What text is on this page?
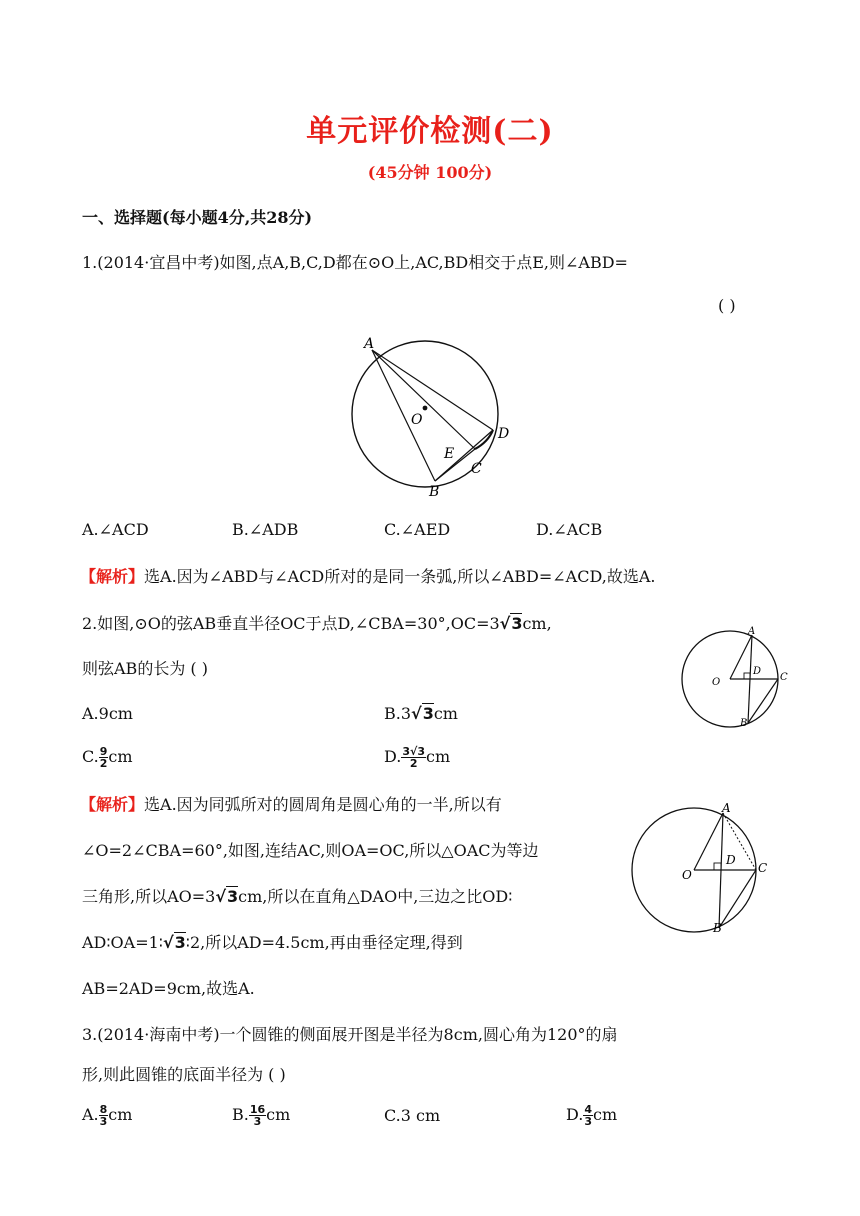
单元评价检测(二)
(45分钟 100分)
一、选择题(每小题4分,共28分)
1.(2014·宜昌中考)如图,点A,B,C,D都在⊙O上,AC,BD相交于点E,则∠ABD=
( )
A
O
D
E
C
B
A.∠ACD	B.∠ADB	C.∠AED	D.∠ACB
【解析】选A.因为∠ABD与∠ACD所对的是同一条弧,所以∠ABD=∠ACD,故选A.
2.如图,⊙O的弦AB垂直半径OC于点D,∠CBA=30°,OC=3√3cm,
则弦AB的长为 ( )
A
D
O	C
B
A.9cm	B.3√3cm
C. $\frac{9}{2}$ cm	D. $\frac{3√3}{2}$ cm
【解析】选A.因为同弧所对的圆周角是圆心角的一半,所以有
∠O=2∠CBA=60°,如图,连结AC,则OA=OC,所以△OAC为等边
三角形,所以AO=3√3cm,所以在直角△DAO中,三边之比OD∶
AD∶OA=1∶√3∶2,所以AD=4.5cm,再由垂径定理,得到
AB=2AD=9cm,故选A.
A
D
O	C
B
3.(2014·海南中考)一个圆锥的侧面展开图是半径为8cm,圆心角为120°的扇
形,则此圆锥的底面半径为 ( )
A. $\frac{8}{3}$ cm	B. $\frac{16}{3}$ cm	C.3 cm	D. $\frac{4}{3}$ cm
